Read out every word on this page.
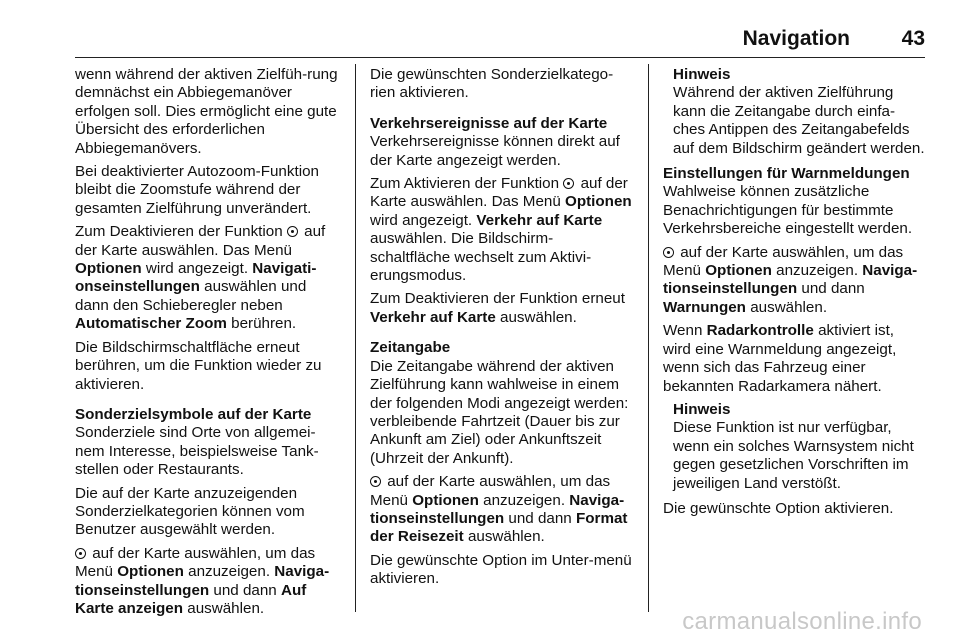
Navigation 43

wenn während der aktiven Zielfüh-rung demnächst ein Abbiegemanöver erfolgen soll. Dies ermöglicht eine gute Übersicht des erforderlichen Abbiegemanövers.

Bei deaktivierter Autozoom-Funktion bleibt die Zoomstufe während der gesamten Zielführung unverändert.

Zum Deaktivieren der Funktion auf der Karte auswählen. Das Menü Optionen wird angezeigt. Navigati-onseinstellungen auswählen und dann den Schieberegler neben Automatischer Zoom berühren.

Die Bildschirmschaltfläche erneut berühren, um die Funktion wieder zu aktivieren.

Sonderzielsymbole auf der Karte

Sonderziele sind Orte von allgemei-nem Interesse, beispielsweise Tank-stellen oder Restaurants.

Die auf der Karte anzuzeigenden Sonderzielkategorien können vom Benutzer ausgewählt werden.

auf der Karte auswählen, um das Menü Optionen anzuzeigen. Naviga-tionseinstellungen und dann Auf Karte anzeigen auswählen.

Die gewünschten Sonderzielkatego-rien aktivieren.

Verkehrsereignisse auf der Karte

Verkehrsereignisse können direkt auf der Karte angezeigt werden.

Zum Aktivieren der Funktion auf der Karte auswählen. Das Menü Optionen wird angezeigt. Verkehr auf Karte auswählen. Die Bildschirm-schaltfläche wechselt zum Aktivi-erungsmodus.

Zum Deaktivieren der Funktion erneut Verkehr auf Karte auswählen.

Zeitangabe

Die Zeitangabe während der aktiven Zielführung kann wahlweise in einem der folgenden Modi angezeigt werden: verbleibende Fahrtzeit (Dauer bis zur Ankunft am Ziel) oder Ankunftszeit (Uhrzeit der Ankunft).

auf der Karte auswählen, um das Menü Optionen anzuzeigen. Naviga-tionseinstellungen und dann Format der Reisezeit auswählen.

Die gewünschte Option im Unter-menü aktivieren.

Hinweis
Während der aktiven Zielführung kann die Zeitangabe durch einfa-ches Antippen des Zeitangabefelds auf dem Bildschirm geändert werden.
Einstellungen für Warnmeldungen

Wahlweise können zusätzliche Benachrichtigungen für bestimmte Verkehrsbereiche eingestellt werden.

auf der Karte auswählen, um das Menü Optionen anzuzeigen. Naviga-tionseinstellungen und dann Warnungen auswählen.

Wenn Radarkontrolle aktiviert ist, wird eine Warnmeldung angezeigt, wenn sich das Fahrzeug einer bekannten Radarkamera nähert.

Hinweis
Diese Funktion ist nur verfügbar, wenn ein solches Warnsystem nicht gegen gesetzlichen Vorschriften im jeweiligen Land verstößt.

Die gewünschte Option aktivieren.

carmanualsonline.info
